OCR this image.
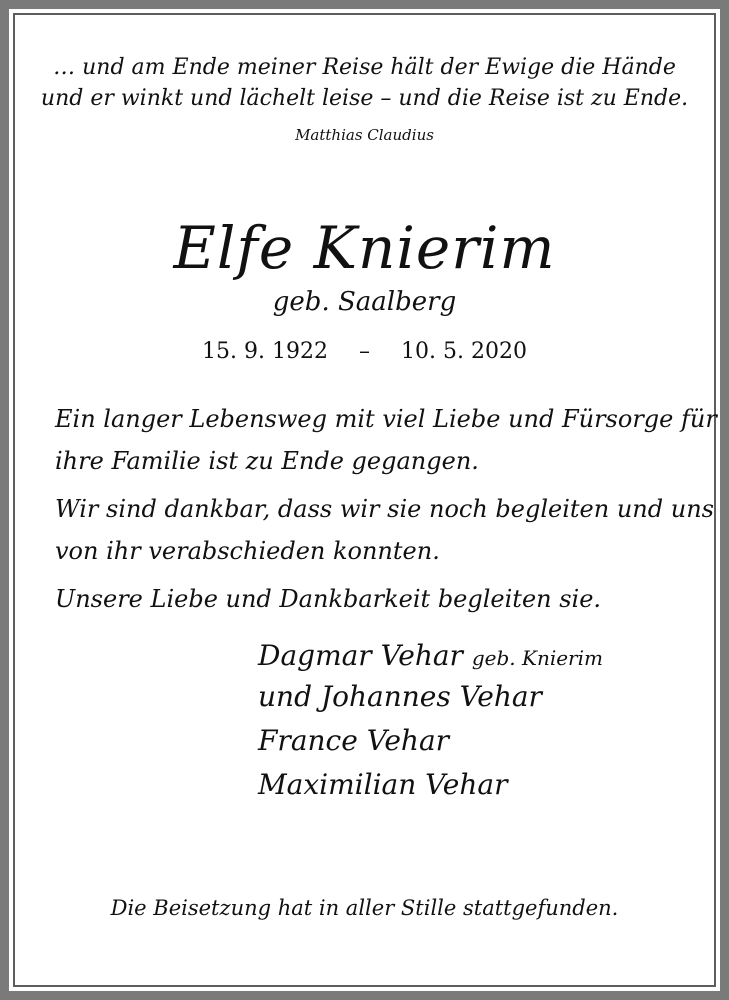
… und am Ende meiner Reise hält der Ewige die Hände
und er winkt und lächelt leise – und die Reise ist zu Ende.
Matthias Claudius
Elfe Knierim
geb. Saalberg
15. 9. 1922 – 10. 5. 2020
Ein langer Lebensweg mit viel Liebe und Fürsorge für
ihre Familie ist zu Ende gegangen.
Wir sind dankbar, dass wir sie noch begleiten und uns
von ihr verabschieden konnten.
Unsere Liebe und Dankbarkeit begleiten sie.
Dagmar Vehar geb. Knierim
und Johannes Vehar
France Vehar
Maximilian Vehar
Die Beisetzung hat in aller Stille stattgefunden.
